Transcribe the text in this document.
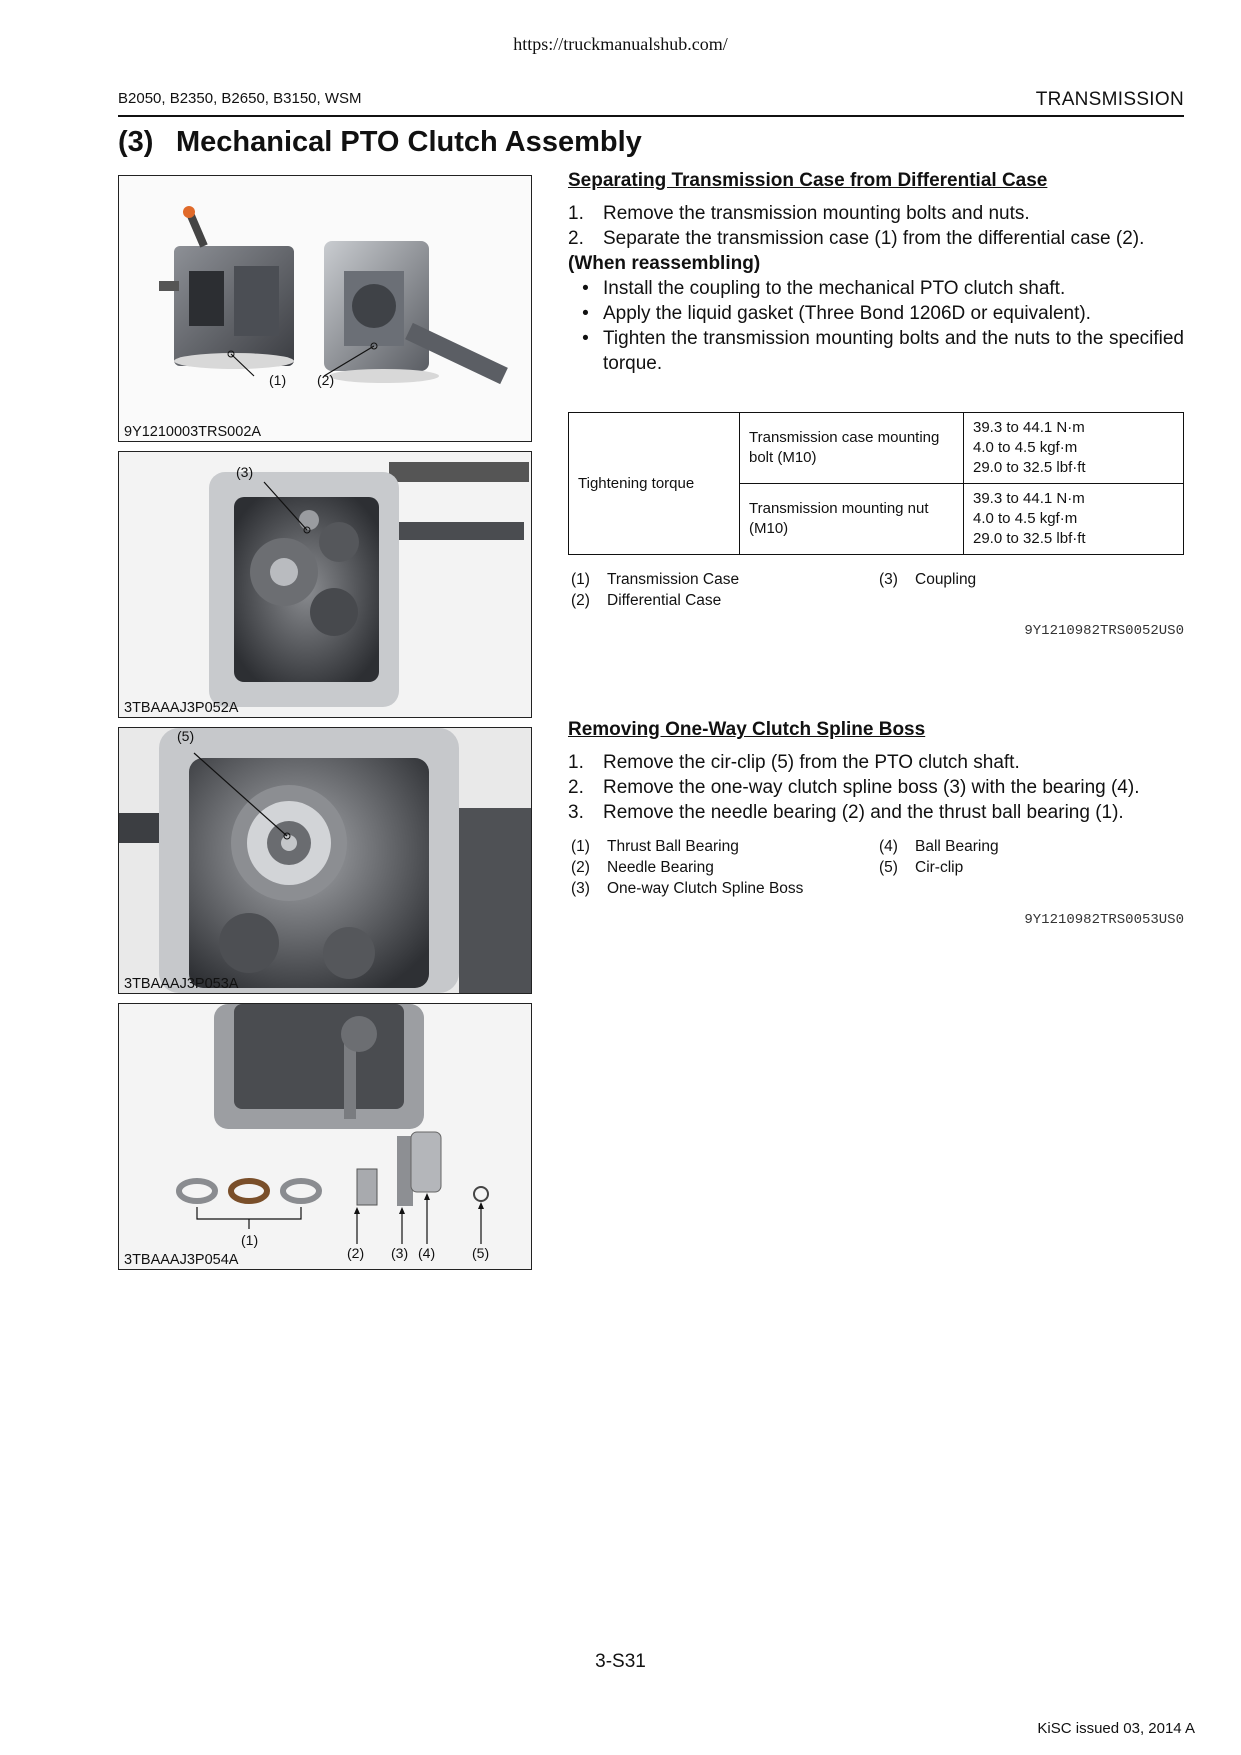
https://truckmanualshub.com/
B2050, B2350, B2650, B3150, WSM	TRANSMISSION
(3) Mechanical PTO Clutch Assembly
(1) (2)
9Y1210003TRS002A
(3)
3TBAAAJ3P052A
(5)
3TBAAAJ3P053A
(1)
(2) (3) (4)	(5)
3TBAAAJ3P054A
Separating Transmission Case from Differential Case
1.	Remove the transmission mounting bolts and nuts.
2.	Separate the transmission case (1) from the differential case (2).
(When reassembling)
• Install the coupling to the mechanical PTO clutch shaft.
• Apply the liquid gasket (Three Bond 1206D or equivalent).
• Tighten the transmission mounting bolts and the nuts to the specified torque.
Tightening torque	Transmission case mounting bolt (M10)	39.3 to 44.1 N·m
4.0 to 4.5 kgf·m
29.0 to 32.5 lbf·ft

	Transmission mounting nut (M10)	39.3 to 44.1 N·m
4.0 to 4.5 kgf·m
29.0 to 32.5 lbf·ft
(1)	Transmission Case	(3)	Coupling
(2)	Differential Case
9Y1210982TRS0052US0
Removing One-Way Clutch Spline Boss
1.	Remove the cir-clip (5) from the PTO clutch shaft.
2.	Remove the one-way clutch spline boss (3) with the bearing (4).
3.	Remove the needle bearing (2) and the thrust ball bearing (1).
(1)	Thrust Ball Bearing	(4)	Ball Bearing
(2)	Needle Bearing	(5)	Cir-clip
(3)	One-way Clutch Spline Boss
9Y1210982TRS0053US0
3-S31
KiSC issued 03, 2014 A
